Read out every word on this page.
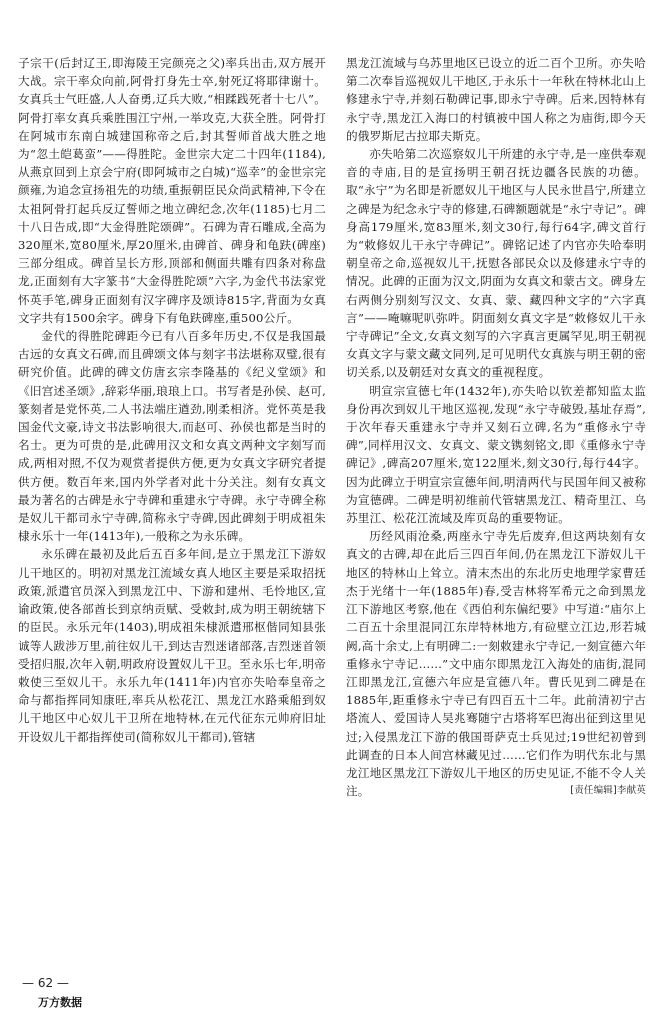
子宗干(后封辽王,即海陵王完颜亮之父)率兵出击,双方展开大战。宗干率众向前,阿骨打身先士卒,射死辽将耶律谢十。女真兵士气旺盛,人人奋勇,辽兵大败,“相蹂践死者十七八”。阿骨打率女真兵乘胜围江宁州,一举攻克,大获全胜。阿骨打在阿城市东南白城建国称帝之后,封其誓师首战大胜之地为“忽土皑葛蛮”——得胜陀。金世宗大定二十四年(1184),从燕京回到上京会宁府(即阿城市之白城)“巡幸”的金世宗完颜雍,为追念宣扬祖先的功绩,重振朝臣民众尚武精神,下令在太祖阿骨打起兵反辽誓师之地立碑纪念,次年(1185)七月二十八日告成,即“大金得胜陀颂碑”。石碑为青石雕成,全高为320厘米,宽80厘米,厚20厘米,由碑首、碑身和龟趺(碑座)三部分组成。碑首呈长方形,顶部和侧面共雕有四条对称盘龙,正面刻有大字篆书“大金得胜陀颂”六字,为金代书法家党怀英手笔,碑身正面刻有汉字碑序及颂诗815字,背面为女真文字共有1500余字。碑身下有龟趺碑座,重500公斤。

金代的得胜陀碑距今已有八百多年历史,不仅是我国最古远的女真文石碑,而且碑颂文体与刻字书法堪称双璧,很有研究价值。此碑的碑文仿唐玄宗李隆基的《纪义堂颂》和《旧宫述圣颂》,辞彩华丽,琅琅上口。书写者是孙侯、赵可,篆刻者是党怀英,二人书法端庄遒劲,刚柔相济。党怀英是我国金代文豪,诗文书法影响很大,而赵可、孙侯也都是当时的名士。更为可贵的是,此碑用汉文和女真文两种文字刻写而成,两相对照,不仅为观赏者提供方便,更为女真文字研究者提供方便。数百年来,国内外学者对此十分关注。刻有女真文最为著名的古碑是永宁寺碑和重建永宁寺碑。永宁寺碑全称是奴儿干都司永宁寺碑,简称永宁寺碑,因此碑刻于明成祖朱棣永乐十一年(1413年),一般称之为永乐碑。

永乐碑在最初及此后五百多年间,是立于黑龙江下游奴儿干地区的。明初对黑龙江流域女真人地区主要是采取招抚政策,派遣官员深入到黑龙江中、下游和建州、毛怜地区,宣谕政策,使各部酋长到京纳贡赋、受敕封,成为明王朝统辖下的臣民。永乐元年(1403),明成祖朱棣派遣邢枢偕同知县张诚等人跋涉万里,前往奴儿干,到达吉烈迷诸部落,吉烈迷首领受招归服,次年入朝,明政府设置奴儿干卫。至永乐七年,明帝敕使三至奴儿干。永乐九年(1411年)内官亦失哈奉皇帝之命与都指挥同知康旺,率兵从松花江、黑龙江水路乘船到奴儿干地区中心奴儿干卫所在地特林,在元代征东元帅府旧址开设奴儿干都指挥使司(简称奴儿干都司),管辖

黑龙江流域与乌苏里地区已设立的近二百个卫所。亦失哈第二次奉旨巡视奴儿干地区,于永乐十一年秋在特林北山上修建永宁寺,并刻石勒碑记事,即永宁寺碑。后来,因特林有永宁寺,黑龙江入海口的村镇被中国人称之为庙街,即今天的俄罗斯尼古拉耶夫斯克。

亦失哈第二次巡察奴儿干所建的永宁寺,是一座供奉观音的寺庙,目的是宣扬明王朝召抚边疆各民族的功德。取“永宁”为名即是祈愿奴儿干地区与人民永世昌宁,所建立之碑是为纪念永宁寺的修建,石碑额题就是“永宁寺记”。碑身高179厘米,宽83厘米,刻文30行,每行64字,碑文首行为“敕修奴儿干永宁寺碑记”。碑铭记述了内官亦失哈奉明朝皇帝之命,巡视奴儿干,抚慰各部民众以及修建永宁寺的情况。此碑的正面为汉文,阴面为女真文和蒙古文。碑身左右两侧分别刻写汉文、女真、蒙、藏四种文字的“六字真言”——唵嘛呢叭弥吽。阴面刻女真文字是“敕修奴儿干永宁寺碑记”全文,女真文刻写的六字真言更属罕见,明王朝视女真文字与蒙文藏文同列,足可见明代女真族与明王朝的密切关系,以及朝廷对女真文的重视程度。

明宣宗宣德七年(1432年),亦失哈以钦差都知监太监身份再次到奴儿干地区巡视,发现“永宁寺破毁,基址存焉”,于次年春天重建永宁寺并又刻石立碑,名为“重修永宁寺碑”,同样用汉文、女真文、蒙文镌刻铭文,即《重修永宁寺碑记》,碑高207厘米,宽122厘米,刻文30行,每行44字。因为此碑立于明宣宗宣德年间,明清两代与民国年间又被称为宣德碑。二碑是明初维前代管辖黑龙江、精奇里江、乌苏里江、松花江流域及库页岛的重要物证。

历经风雨沧桑,两座永宁寺先后废弃,但这两块刻有女真文的古碑,却在此后三四百年间,仍在黑龙江下游奴儿干地区的特林山上耸立。清末杰出的东北历史地理学家曹廷杰于光绪十一年(1885年)春,受吉林将军希元之命到黑龙江下游地区考察,他在《西伯利东偏纪要》中写道:“庙尔上二百五十余里混同江东岸特林地方,有砬壁立江边,形若城阙,高十余丈,上有明碑二:一刻敕建永宁寺记,一刻宣德六年重修永宁寺记……”文中庙尔即黑龙江入海处的庙街,混同江即黑龙江,宣德六年应是宣德八年。曹氏见到二碑是在1885年,距重修永宁寺已有四百五十二年。此前清初宁古塔流人、爱国诗人吴兆骞随宁古塔将军巴海出征到这里见过;入侵黑龙江下游的俄国哥萨克士兵见过;19世纪初曾到此调查的日本人间宫林藏见过……它们作为明代东北与黑龙江地区黑龙江下游奴儿干地区的历史见证,不能不令人关注。	[责任编辑]李献英

— 62 —
万方数据
